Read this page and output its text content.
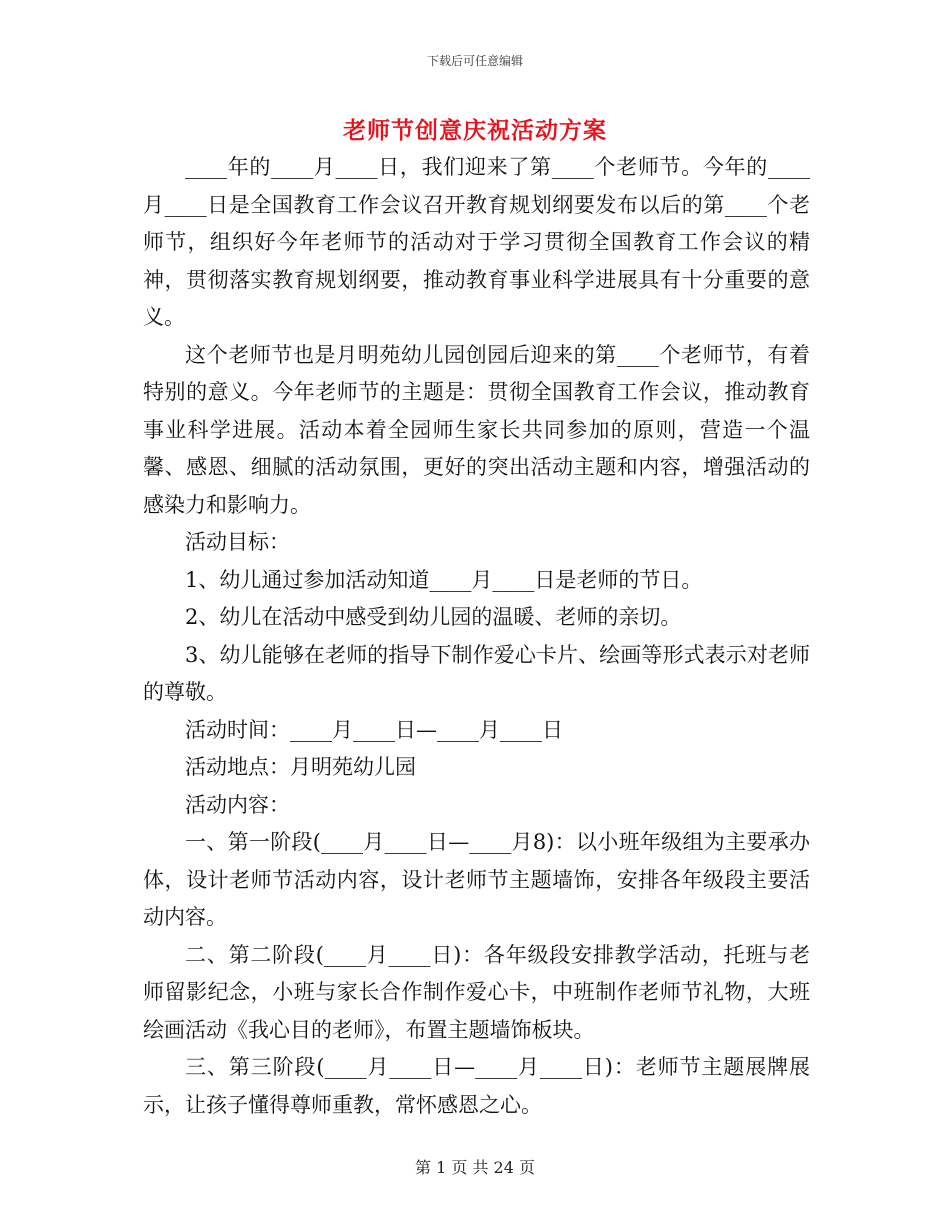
下载后可任意编辑
老师节创意庆祝活动方案

____年的____月____日，我们迎来了第____个老师节。今年的____月____日是全国教育工作会议召开教育规划纲要发布以后的第____个老师节，组织好今年老师节的活动对于学习贯彻全国教育工作会议的精神，贯彻落实教育规划纲要，推动教育事业科学进展具有十分重要的意义。

这个老师节也是月明苑幼儿园创园后迎来的第____个老师节，有着特别的意义。今年老师节的主题是：贯彻全国教育工作会议，推动教育事业科学进展。活动本着全园师生家长共同参加的原则，营造一个温馨、感恩、细腻的活动氛围，更好的突出活动主题和内容，增强活动的感染力和影响力。

活动目标：

1、幼儿通过参加活动知道____月____日是老师的节日。

2、幼儿在活动中感受到幼儿园的温暖、老师的亲切。

3、幼儿能够在老师的指导下制作爱心卡片、绘画等形式表示对老师的尊敬。

活动时间：____月____日—____月____日

活动地点：月明苑幼儿园

活动内容：

一、第一阶段(____月____日—____月8)：以小班年级组为主要承办体，设计老师节活动内容，设计老师节主题墙饰，安排各年级段主要活动内容。

二、第二阶段(____月____日)：各年级段安排教学活动，托班与老师留影纪念，小班与家长合作制作爱心卡，中班制作老师节礼物，大班绘画活动《我心目的老师》，布置主题墙饰板块。

三、第三阶段(____月____日—____月____日)：老师节主题展牌展示，让孩子懂得尊师重教，常怀感恩之心。

第 1 页 共 24 页
